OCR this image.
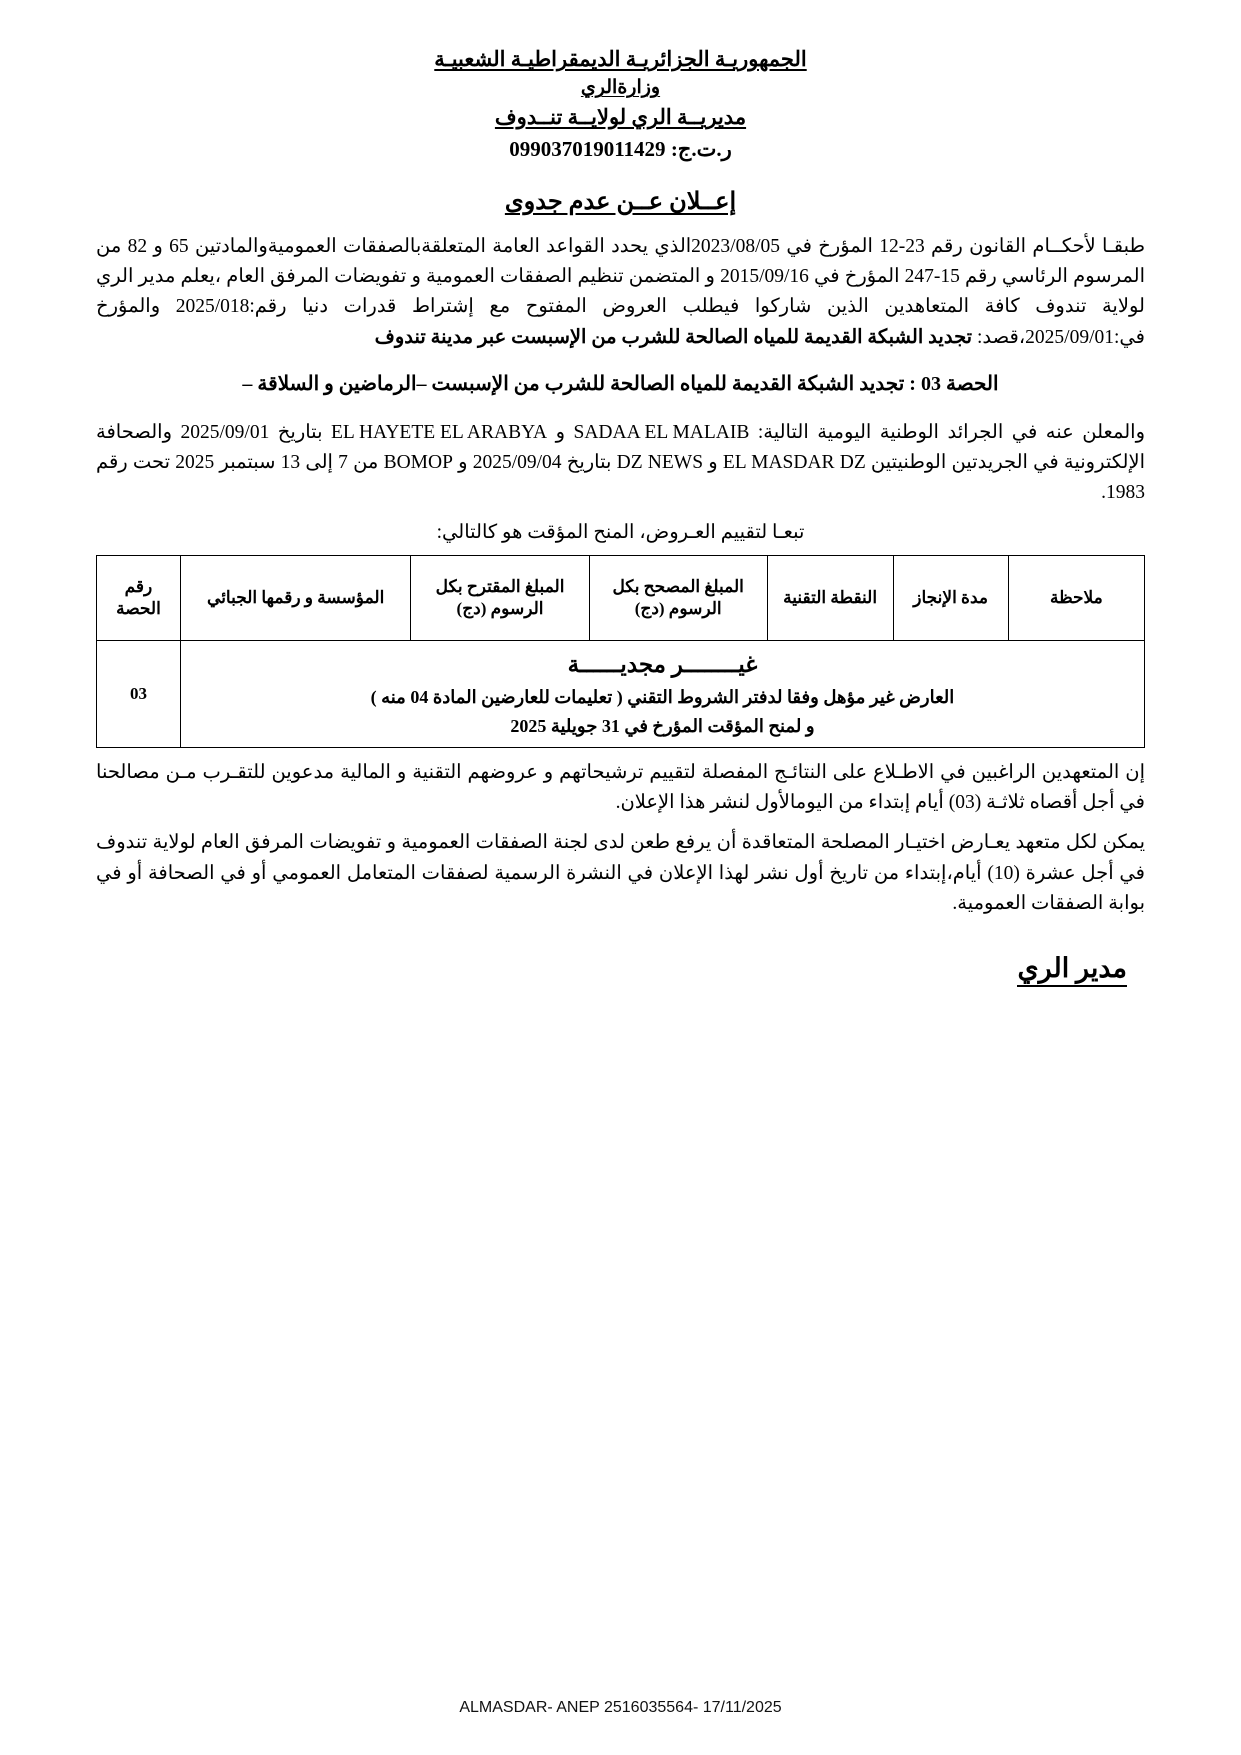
الجمهوريـة الجزائريـة الديمقراطيـة الشعبيـة
وزارةالري
مديريــة الري لولايــة تنــدوف
ر.ت.ج: 099037019011429
إعــلان عــن عدم جدوى

طبقـا لأحكــام القانون رقم 23-12 المؤرخ في 2023/08/05الذي يحدد القواعد العامة المتعلقةبالصفقات العموميةوالمادتين 65 و 82 من المرسوم الرئاسي رقم 15-247 المؤرخ في 2015/09/16 و المتضمن تنظيم الصفقات العمومية و تفويضات المرفق العام ،يعلم مدير الري لولاية تندوف كافة المتعاهدين الذين شاركوا فيطلب العروض المفتوح مع إشتراط قدرات دنيا رقم:2025/018 والمؤرخ في:2025/09/01،قصد: تجديد الشبكة القديمة للمياه الصالحة للشرب من الإسبست عبر مدينة تندوف

الحصة 03 : تجديد الشبكة القديمة للمياه الصالحة للشرب من الإسبست –الرماضين و السلاقة –

والمعلن عنه في الجرائد الوطنية اليومية التالية: SADAA EL MALAIB و EL HAYETE EL ARABYA بتاريخ 2025/09/01 والصحافة الإلكترونية في الجريدتين الوطنيتين EL MASDAR DZ و DZ NEWS بتاريخ 2025/09/04 و BOMOP من 7 إلى 13 سبتمبر 2025 تحت رقم 1983.

تبعـا لتقييم العـروض، المنح المؤقت هو كالتالي:

ملاحظة	مدة الإنجاز	النقطة التقنية	المبلغ المصحح بكل الرسوم (دج)	المبلغ المقترح بكل الرسوم (دج)	المؤسسة و رقمها الجبائي	رقم الحصة

غيــــــــر مجديــــــة
العارض غير مؤهل وفقا لدفتر الشروط التقني ( تعليمات للعارضين المادة 04 منه )
و لمنح المؤقت المؤرخ في 31 جويلية 2025						03

إن المتعهدين الراغبين في الاطـلاع على النتائـج المفصلة لتقييم ترشيحاتهم و عروضهم التقنية و المالية مدعوين للتقـرب مـن مصالحنا في أجل أقصاه ثلاثـة (03) أيام إبتداء من اليومالأول لنشر هذا الإعلان.

يمكن لكل متعهد يعـارض اختيـار المصلحة المتعاقدة أن يرفع طعن لدى لجنة الصفقات العمومية و تفويضات المرفق العام لولاية تندوف في أجل عشرة (10) أيام،إبتداء من تاريخ أول نشر لهذا الإعلان في النشرة الرسمية لصفقات المتعامل العمومي أو في الصحافة أو في بوابة الصفقات العمومية.

مدير الري
ALMASDAR- ANEP 2516035564- 17/11/2025
